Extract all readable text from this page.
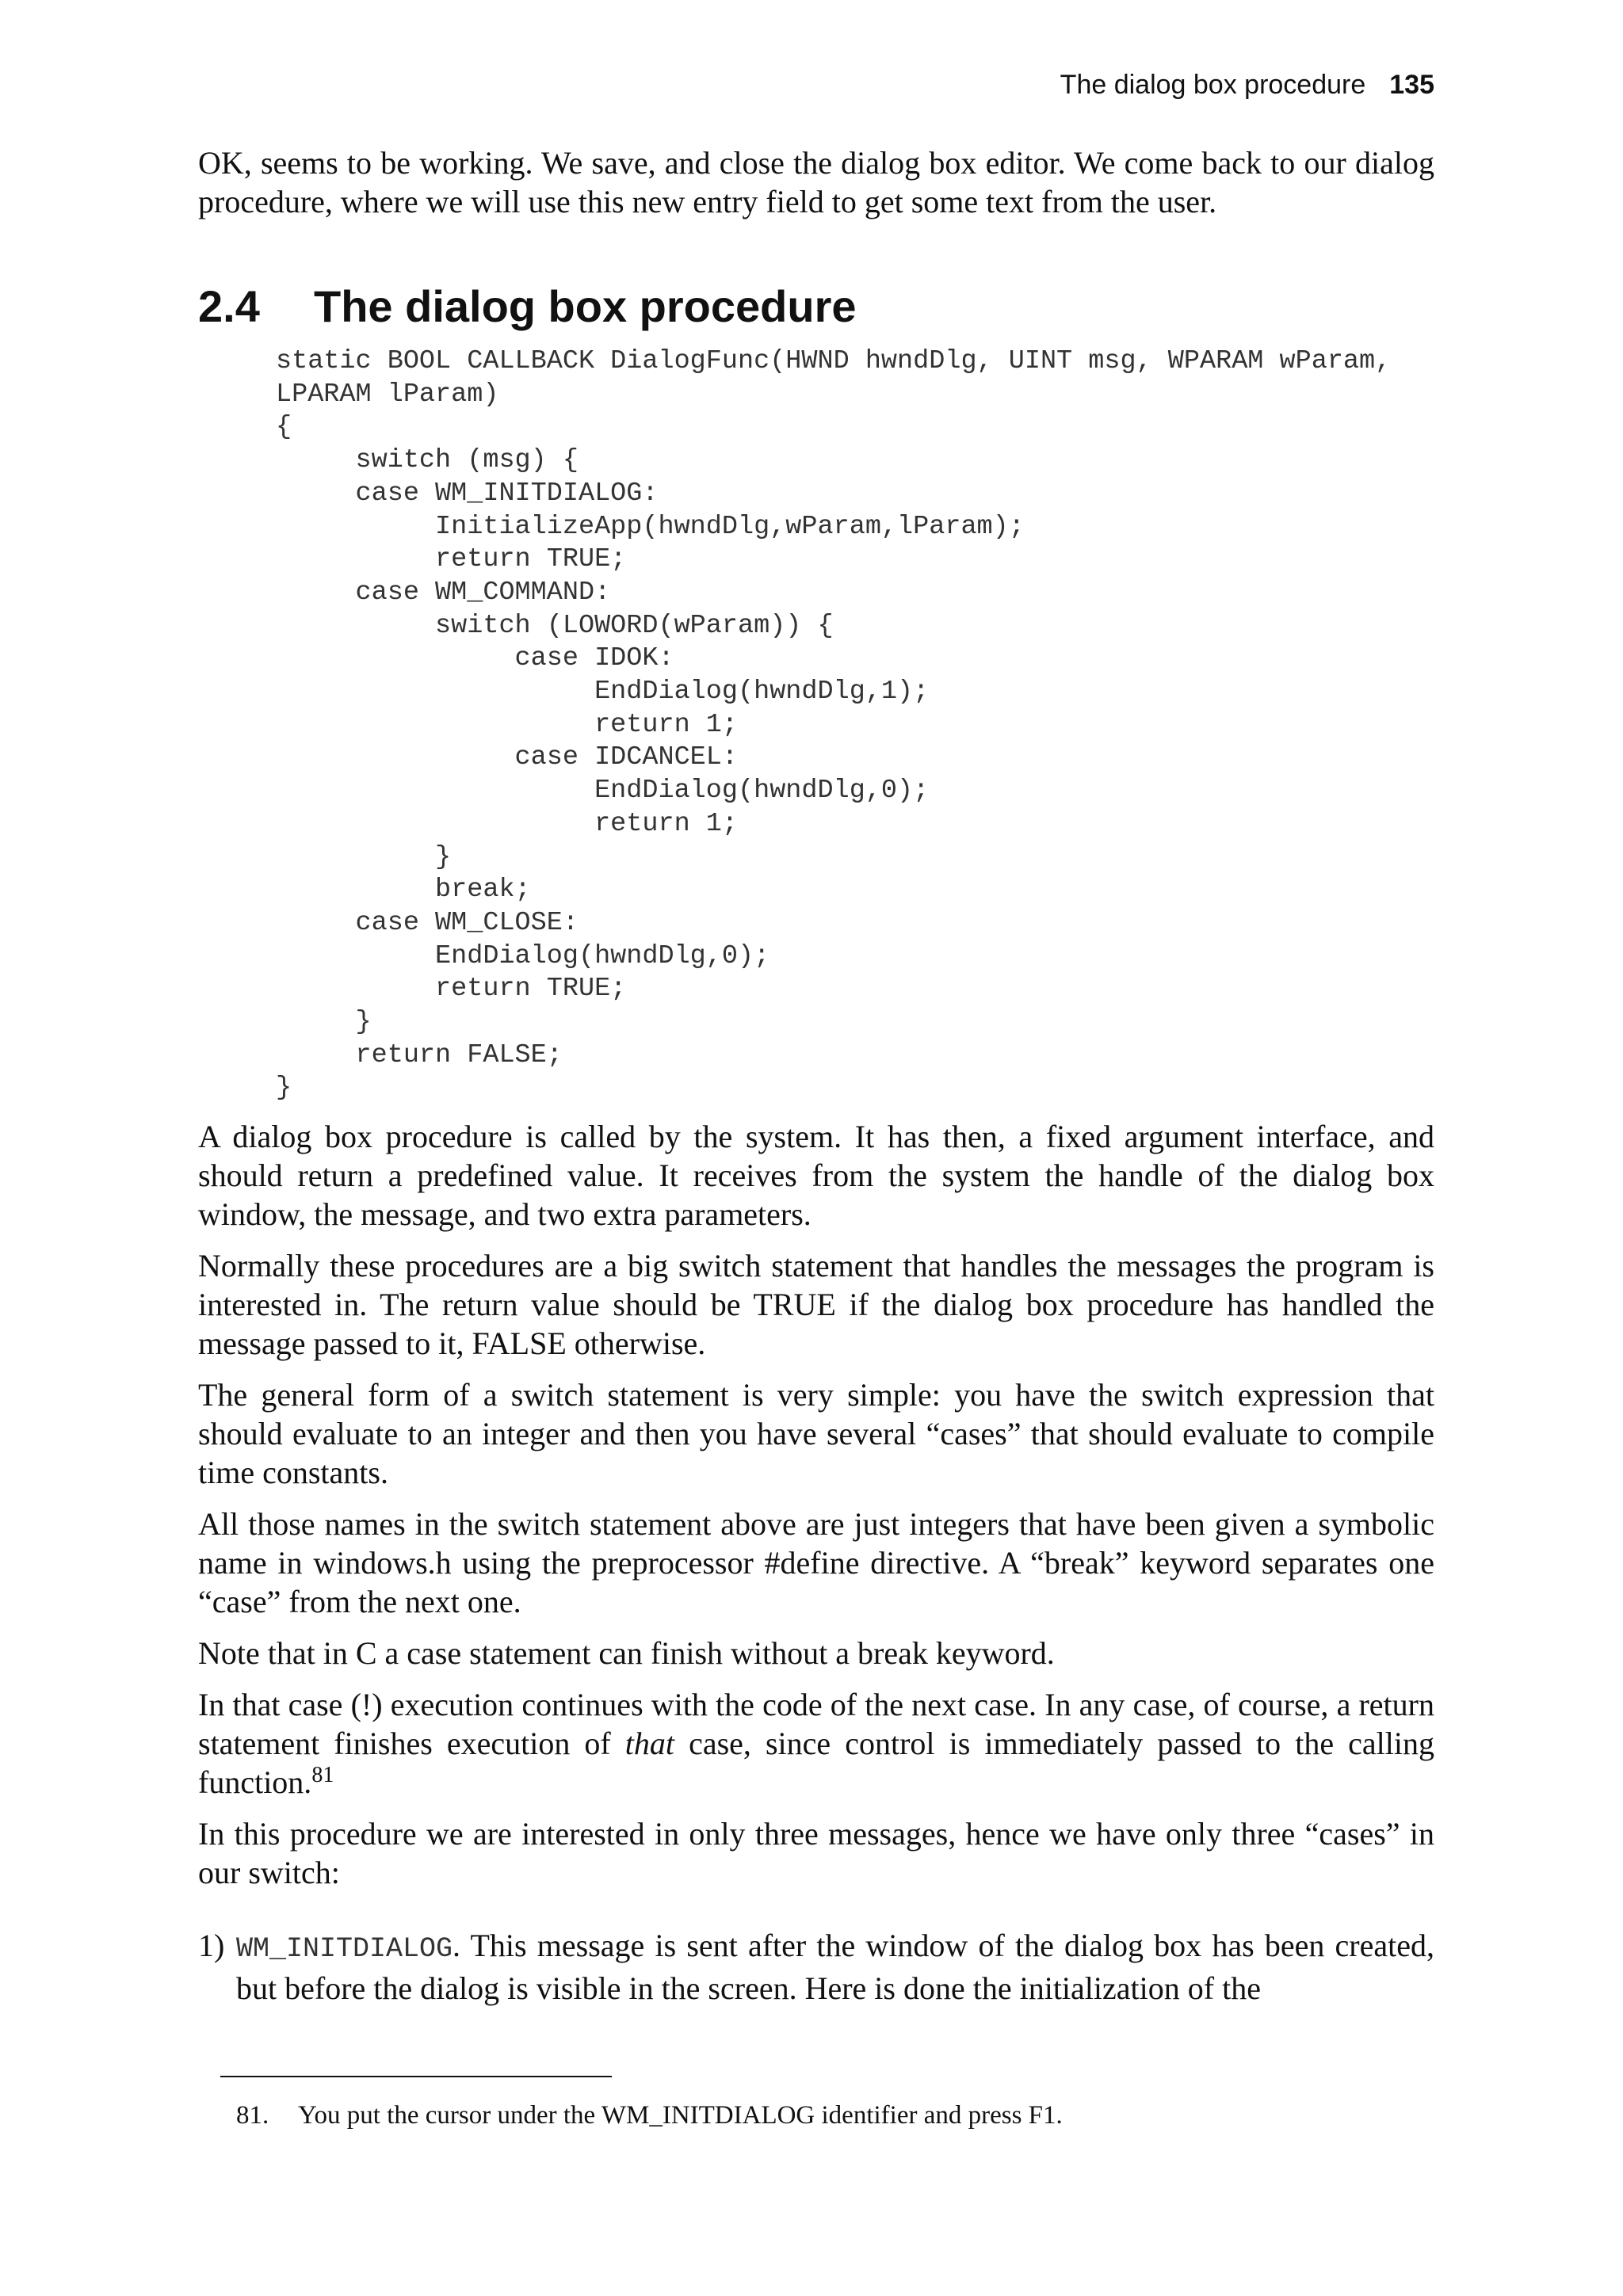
The dialog box procedure 135
OK, seems to be working. We save, and close the dialog box editor. We come back to our dialog procedure, where we will use this new entry field to get some text from the user.
2.4 The dialog box procedure
static BOOL CALLBACK DialogFunc(HWND hwndDlg, UINT msg, WPARAM wParam,
LPARAM lParam)
{
switch (msg) {
case WM_INITDIALOG:
InitializeApp(hwndDlg,wParam,lParam);
return TRUE;
case WM_COMMAND:
switch (LOWORD(wParam)) {
case IDOK:
EndDialog(hwndDlg,1);
return 1;
case IDCANCEL:
EndDialog(hwndDlg,0);
return 1;
}
break;
case WM_CLOSE:
EndDialog(hwndDlg,0);
return TRUE;
}
return FALSE;
}

A dialog box procedure is called by the system. It has then, a fixed argument interface, and should return a predefined value. It receives from the system the handle of the dialog box window, the message, and two extra parameters.

Normally these procedures are a big switch statement that handles the messages the program is interested in. The return value should be TRUE if the dialog box procedure has handled the message passed to it, FALSE otherwise.

The general form of a switch statement is very simple: you have the switch expression that should evaluate to an integer and then you have several “cases” that should evaluate to compile time constants.

All those names in the switch statement above are just integers that have been given a symbolic name in windows.h using the preprocessor #define directive. A “break” keyword separates one “case” from the next one.

Note that in C a case statement can finish without a break keyword.

In that case (!) execution continues with the code of the next case. In any case, of course, a return statement finishes execution of that case, since control is immediately passed to the calling function.$^{81}$

In this procedure we are interested in only three messages, hence we have only three “cases” in our switch:

1) WM_INITDIALOG. This message is sent after the window of the dialog box has been created, but before the dialog is visible in the screen. Here is done the initialization of the
81. You put the cursor under the WM_INITDIALOG identifier and press F1.
